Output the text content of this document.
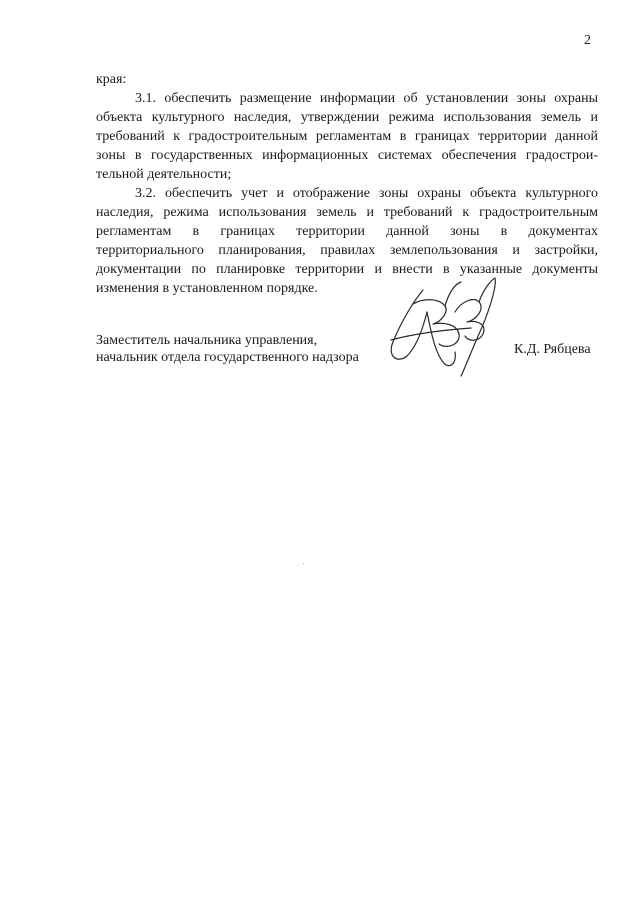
2
края:
3.1. обеспечить размещение информации об установлении зоны охраны
объекта культурного наследия, утверждении режима использования земель и
требований к градостроительным регламентам в границах территории данной
зоны в государственных информационных системах обеспечения градострои-
тельной деятельности;
3.2. обеспечить учет и отображение зоны охраны объекта культурного
наследия, режима использования земель и требований к градостроительным
регламентам в границах территории данной зоны в документах
территориального планирования, правилах землепользования и застройки,
документации по планировке территории и внести в указанные документы
изменения в установленном порядке.
Заместитель начальника управления,
начальник отдела государственного надзора
К.Д. Рябцева
